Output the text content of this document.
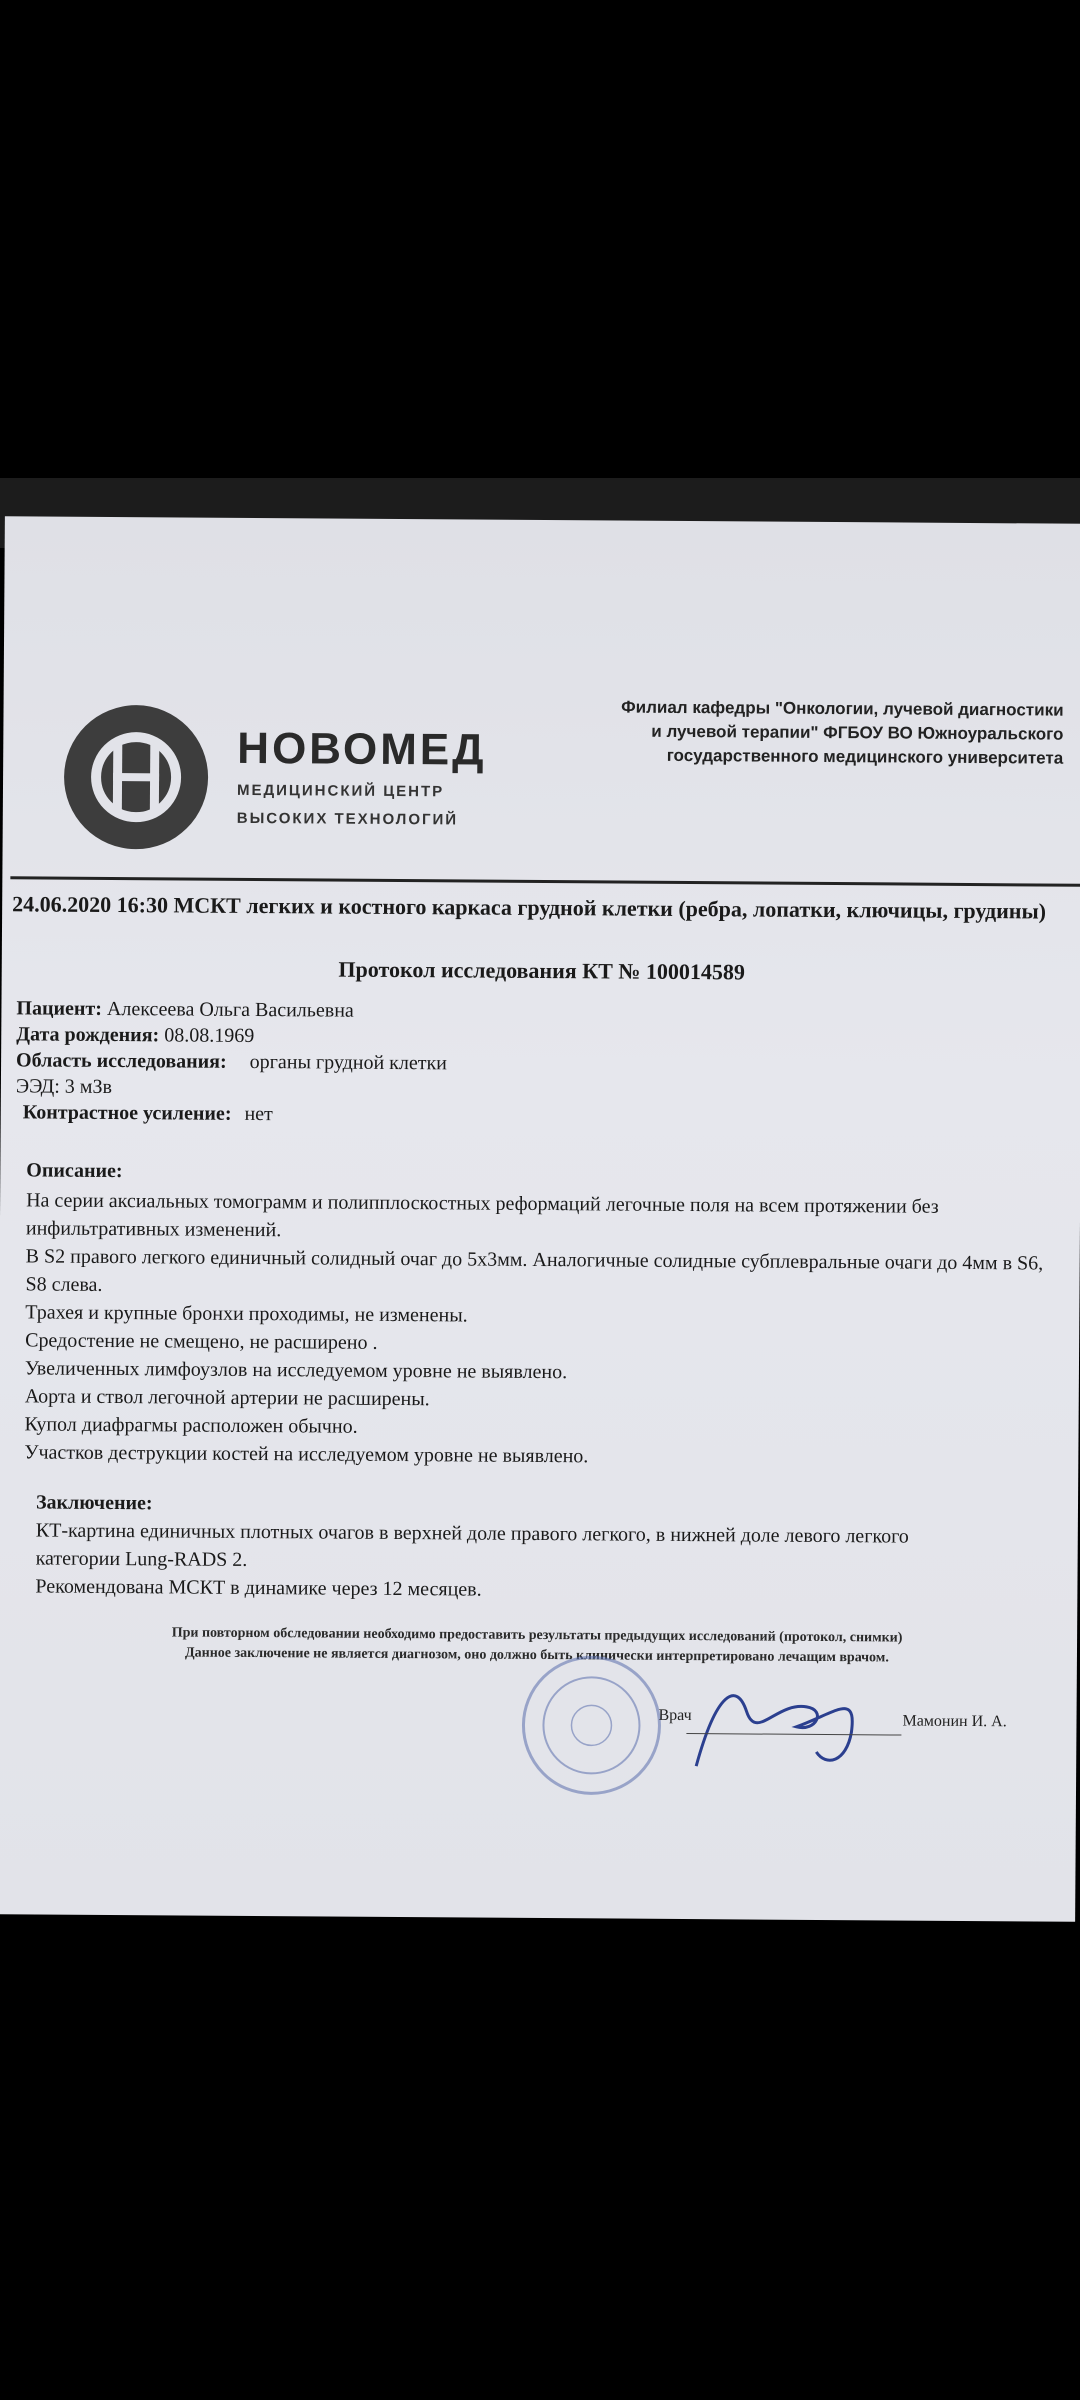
НОВОМЕД
МЕДИЦИНСКИЙ ЦЕНТР
ВЫСОКИХ ТЕХНОЛОГИЙ
Филиал кафедры "Онкологии, лучевой диагностики
и лучевой терапии" ФГБОУ ВО Южноуральского
государственного медицинского университета
24.06.2020 16:30 МСКТ легких и костного каркаса грудной клетки (ребра, лопатки, ключицы, грудины)
Протокол исследования КТ № 100014589
Пациент: Алексеева Ольга Васильевна
Дата рождения: 08.08.1969
Область исследования: органы грудной клетки
ЭЭД: 3 мЗв
Контрастное усиление: нет
Описание:

На серии аксиальных томограмм и полипплоскостных реформаций легочные поля на всем протяжении без инфильтративных изменений.

В S2 правого легкого единичный солидный очаг до 5х3мм. Аналогичные солидные субплевральные очаги до 4мм в S6, S8 слева.

Трахея и крупные бронхи проходимы, не изменены.

Средостение не смещено, не расширено .

Увеличенных лимфоузлов на исследуемом уровне не выявлено.

Аорта и ствол легочной артерии не расширены.

Купол диафрагмы расположен обычно.

Участков деструкции костей на исследуемом уровне не выявлено.

Заключение:

КТ-картина единичных плотных очагов в верхней доле правого легкого, в нижней доле левого легкого категории Lung-RADS 2.

Рекомендована МСКТ в динамике через 12 месяцев.

При повторном обследовании необходимо предоставить результаты предыдущих исследований (протокол, снимки)
Данное заключение не является диагнозом, оно должно быть клинически интерпретировано лечащим врачом.
Врач	Мамонин И. А.
